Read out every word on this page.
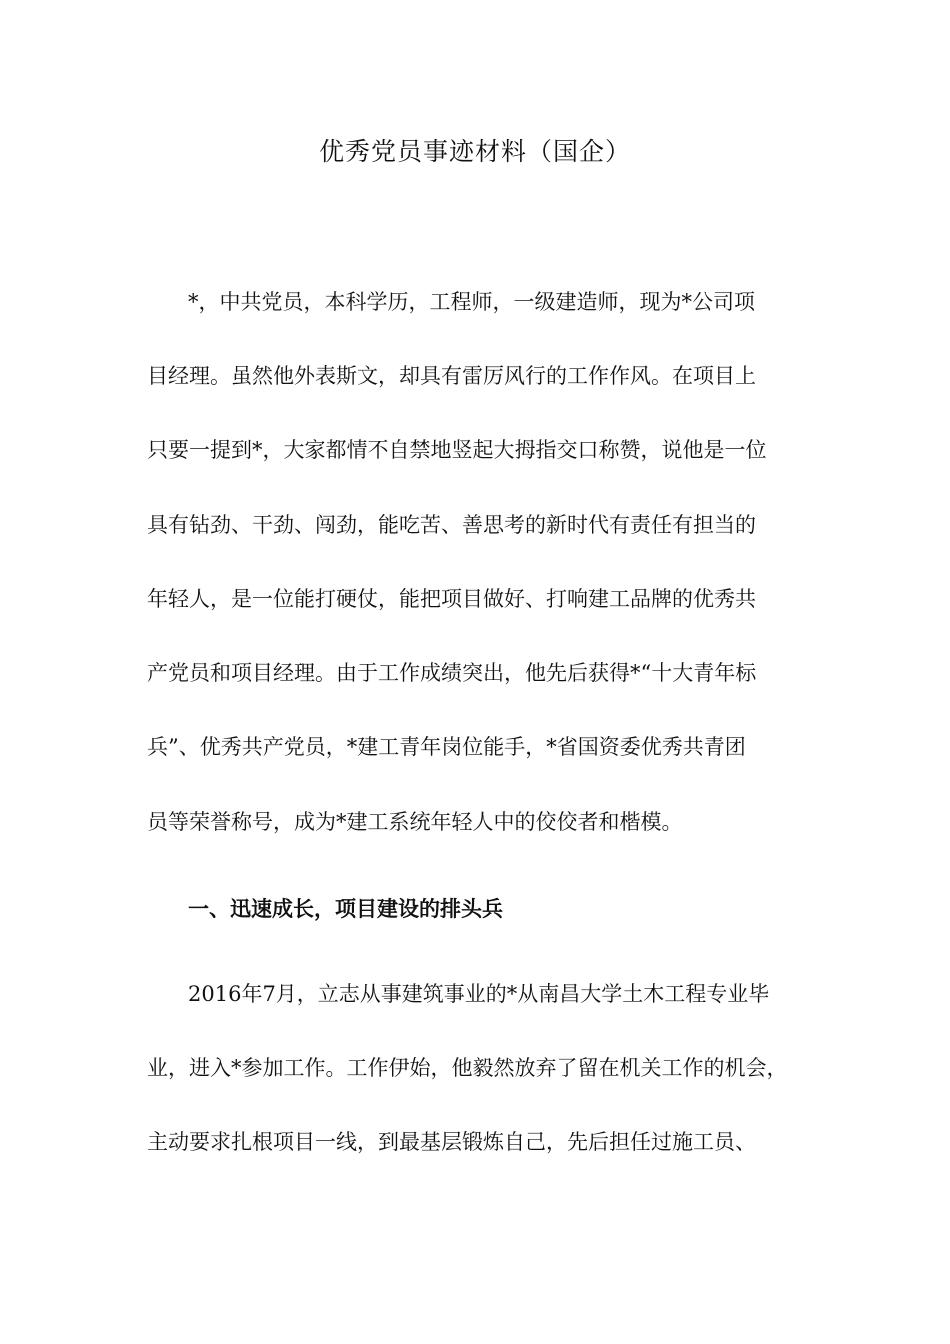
优秀党员事迹材料（国企）
*，中共党员，本科学历，工程师，一级建造师，现为*公司项
目经理。虽然他外表斯文，却具有雷厉风行的工作作风。在项目上
只要一提到*，大家都情不自禁地竖起大拇指交口称赞，说他是一位
具有钻劲、干劲、闯劲，能吃苦、善思考的新时代有责任有担当的
年轻人，是一位能打硬仗，能把项目做好、打响建工品牌的优秀共
产党员和项目经理。由于工作成绩突出，他先后获得*“十大青年标
兵”、优秀共产党员，*建工青年岗位能手，*省国资委优秀共青团
员等荣誉称号，成为*建工系统年轻人中的佼佼者和楷模。
一、迅速成长，项目建设的排头兵
2016年7月，立志从事建筑事业的*从南昌大学土木工程专业毕
业，进入*参加工作。工作伊始，他毅然放弃了留在机关工作的机会，
主动要求扎根项目一线，到最基层锻炼自己，先后担任过施工员、
